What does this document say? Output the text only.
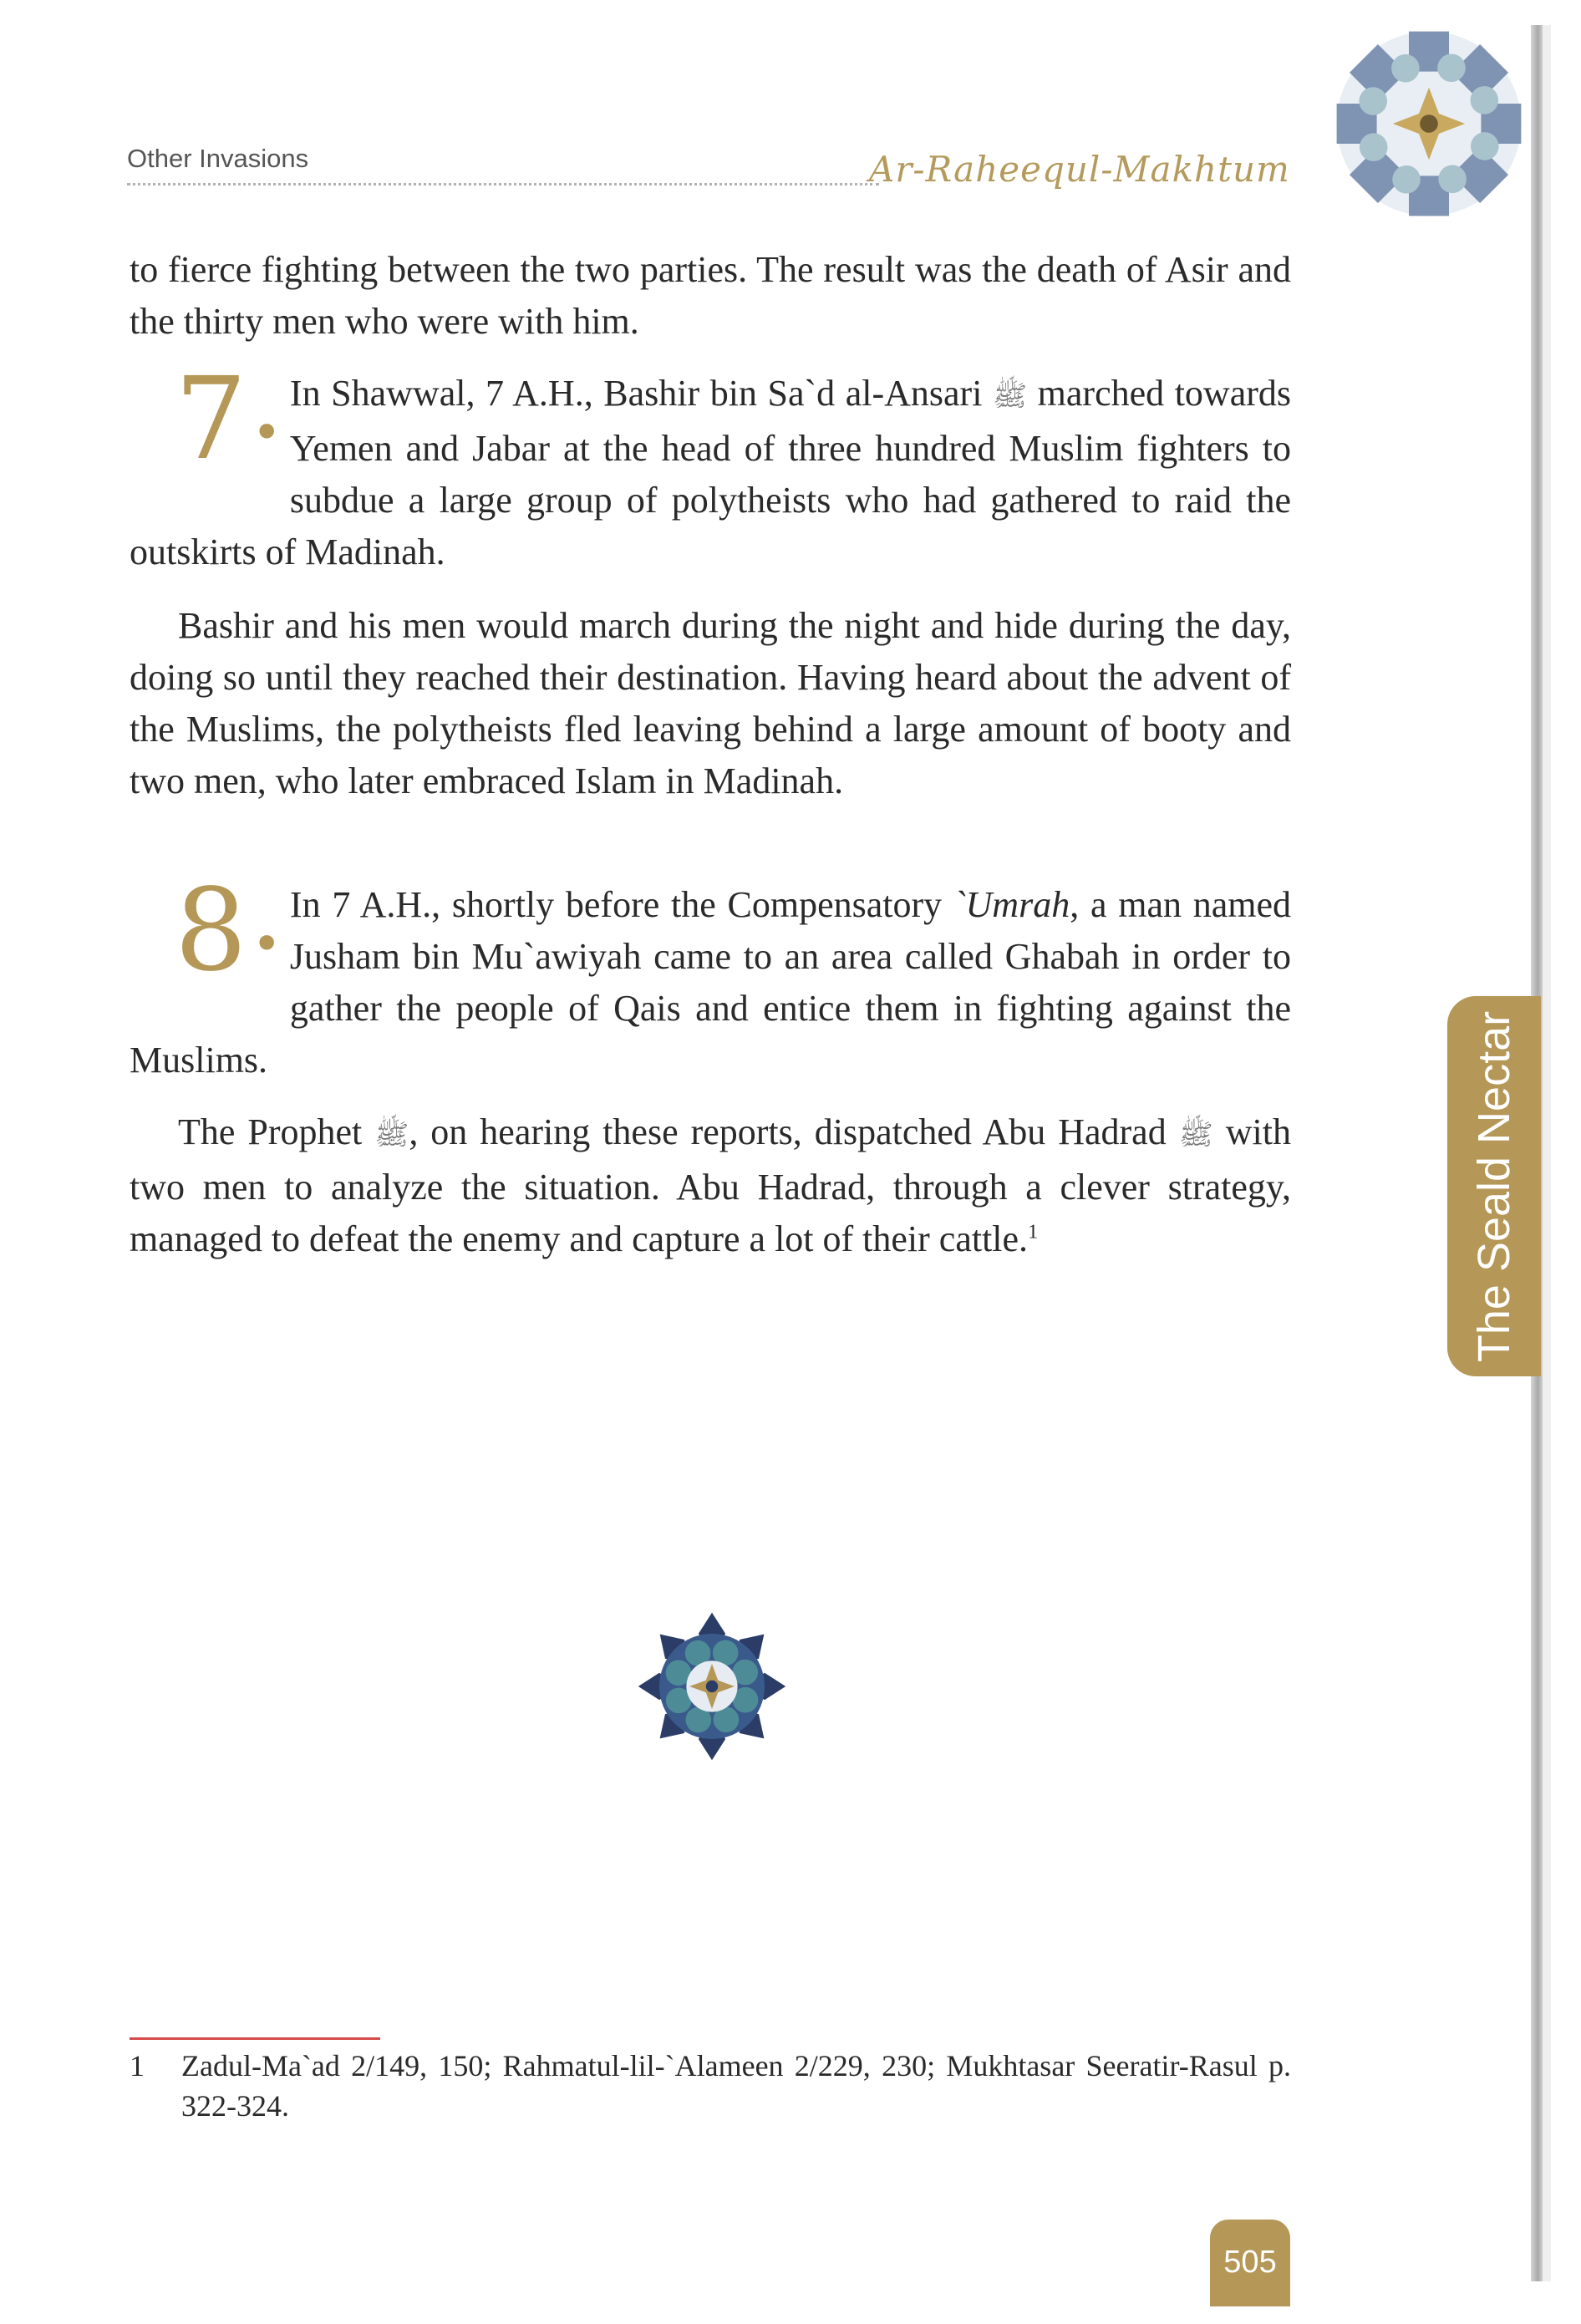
Other Invasions	Ar-Raheequl-Makhtum
The Seald Nectar

to fierce fighting between the two parties. The result was the death of Asir and the thirty men who were with him.

7 •
In Shawwal, 7 A.H., Bashir bin Sa`d al-Ansari ﷺ marched towards Yemen and Jabar at the head of three hundred Muslim fighters to subdue a large group of polytheists who had gathered to raid the outskirts of Madinah.

Bashir and his men would march during the night and hide during the day, doing so until they reached their destination. Having heard about the advent of the Muslims, the polytheists fled leaving behind a large amount of booty and two men, who later embraced Islam in Madinah.

8 •
In 7 A.H., shortly before the Compensatory `Umrah, a man named Jusham bin Mu`awiyah came to an area called Ghabah in order to gather the people of Qais and entice them in fighting against the Muslims.

The Prophet ﷺ, on hearing these reports, dispatched Abu Hadrad ﷺ with two men to analyze the situation. Abu Hadrad, through a clever strategy, managed to defeat the enemy and capture a lot of their cattle.$^1$

1 Zadul-Ma`ad 2/149, 150; Rahmatul-lil-`Alameen 2/229, 230; Mukhtasar Seeratir-Rasul p. 322-324.
505
